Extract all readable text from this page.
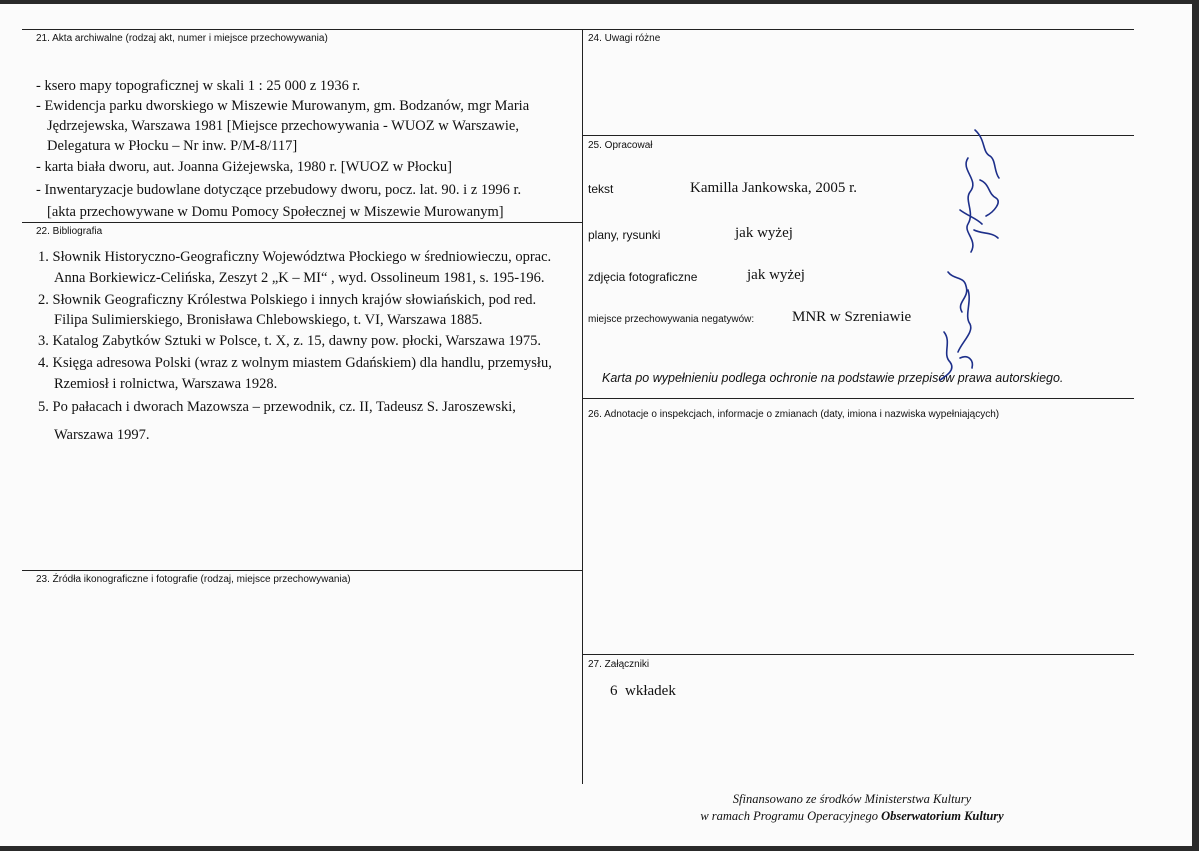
21. Akta archiwalne (rodzaj akt, numer i miejsce przechowywania)
- ksero mapy topograficznej w skali 1 : 25 000 z 1936 r.
- Ewidencja parku dworskiego w Miszewie Murowanym, gm. Bodzanów, mgr Maria
Jędrzejewska, Warszawa 1981 [Miejsce przechowywania - WUOZ w Warszawie,
Delegatura w Płocku – Nr inw. P/M-8/117]
- karta biała dworu, aut. Joanna Giżejewska, 1980 r. [WUOZ w Płocku]
- Inwentaryzacje budowlane dotyczące przebudowy dworu, pocz. lat. 90. i z 1996 r.
[akta przechowywane w Domu Pomocy Społecznej w Miszewie Murowanym]
22. Bibliografia
1. Słownik Historyczno-Geograficzny Województwa Płockiego w średniowieczu, oprac.
Anna Borkiewicz-Celińska, Zeszyt 2 „K – MI“ , wyd. Ossolineum 1981, s. 195-196.
2. Słownik Geograficzny Królestwa Polskiego i innych krajów słowiańskich, pod red.
Filipa Sulimierskiego, Bronisława Chlebowskiego, t. VI, Warszawa 1885.
3. Katalog Zabytków Sztuki w Polsce, t. X, z. 15, dawny pow. płocki, Warszawa 1975.
4. Księga adresowa Polski (wraz z wolnym miastem Gdańskiem) dla handlu, przemysłu,
Rzemiosł i rolnictwa, Warszawa 1928.
5. Po pałacach i dworach Mazowsza – przewodnik, cz. II, Tadeusz S. Jaroszewski,
Warszawa 1997.
23. Źródła ikonograficzne i fotografie (rodzaj, miejsce przechowywania)
24. Uwagi różne
25. Opracował
tekst	Kamilla Jankowska, 2005 r.
plany, rysunki	jak wyżej
zdjęcia fotograficzne	jak wyżej
miejsce przechowywania negatywów:	MNR w Szreniawie
Karta po wypełnieniu podlega ochronie na podstawie przepisów prawa autorskiego.
26. Adnotacje o inspekcjach, informacje o zmianach (daty, imiona i nazwiska wypełniających)
27. Załączniki
6  wkładek
Sfinansowano ze środków Ministerstwa Kultury
w ramach Programu Operacyjnego Obserwatorium Kultury
